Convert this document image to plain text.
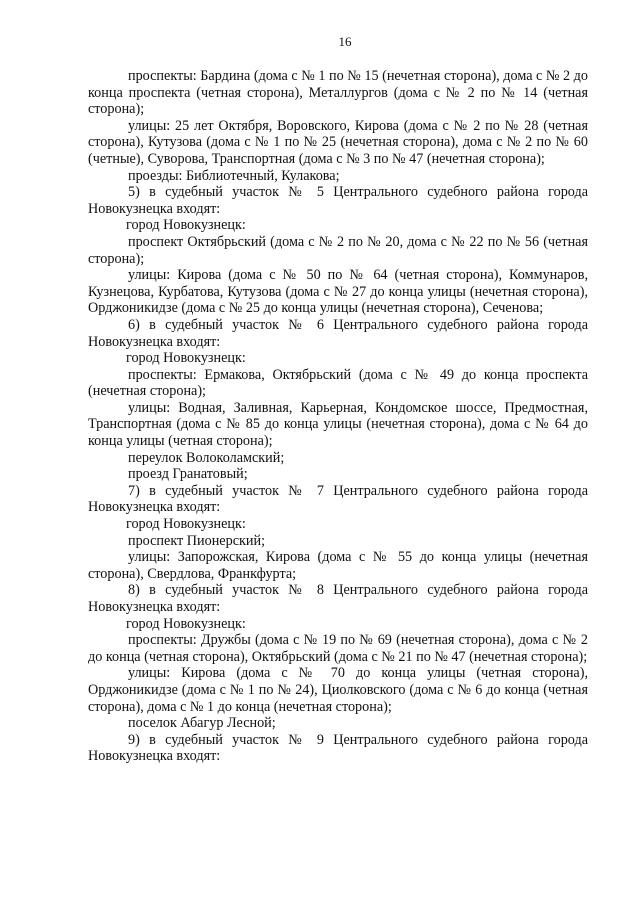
16

проспекты: Бардина (дома с № 1 по № 15 (нечетная сторона), дома с № 2 до конца проспекта (четная сторона), Металлургов (дома с № 2 по № 14 (четная сторона);

улицы: 25 лет Октября, Воровского, Кирова (дома с № 2 по № 28 (четная сторона), Кутузова (дома с № 1 по № 25 (нечетная сторона), дома с № 2 по № 60 (четные), Суворова, Транспортная (дома с № 3 по № 47 (нечетная сторона);

проезды: Библиотечный, Кулакова;

5) в судебный участок № 5 Центрального судебного района города Новокузнецка входят:

город Новокузнецк:

проспект Октябрьский (дома с № 2 по № 20, дома с № 22 по № 56 (четная сторона);

улицы: Кирова (дома с № 50 по № 64 (четная сторона), Коммунаров, Кузнецова, Курбатова, Кутузова (дома с № 27 до конца улицы (нечетная сторона), Орджоникидзе (дома с № 25 до конца улицы (нечетная сторона), Сеченова;

6) в судебный участок № 6 Центрального судебного района города Новокузнецка входят:

город Новокузнецк:

проспекты: Ермакова, Октябрьский (дома с № 49 до конца проспекта (нечетная сторона);

улицы: Водная, Заливная, Карьерная, Кондомское шоссе, Предмостная, Транспортная (дома с № 85 до конца улицы (нечетная сторона), дома с № 64 до конца улицы (четная сторона);

переулок Волоколамский;

проезд Гранатовый;

7) в судебный участок № 7 Центрального судебного района города Новокузнецка входят:

город Новокузнецк:

проспект Пионерский;

улицы: Запорожская, Кирова (дома с № 55 до конца улицы (нечетная сторона), Свердлова, Франкфурта;

8) в судебный участок № 8 Центрального судебного района города Новокузнецка входят:

город Новокузнецк:

проспекты: Дружбы (дома с № 19 по № 69 (нечетная сторона), дома с № 2 до конца (четная сторона), Октябрьский (дома с № 21 по № 47 (нечетная сторона);

улицы: Кирова (дома с № 70 до конца улицы (четная сторона), Орджоникидзе (дома с № 1 по № 24), Циолковского (дома с № 6 до конца (четная сторона), дома с № 1 до конца (нечетная сторона);

поселок Абагур Лесной;

9) в судебный участок № 9 Центрального судебного района города Новокузнецка входят:
